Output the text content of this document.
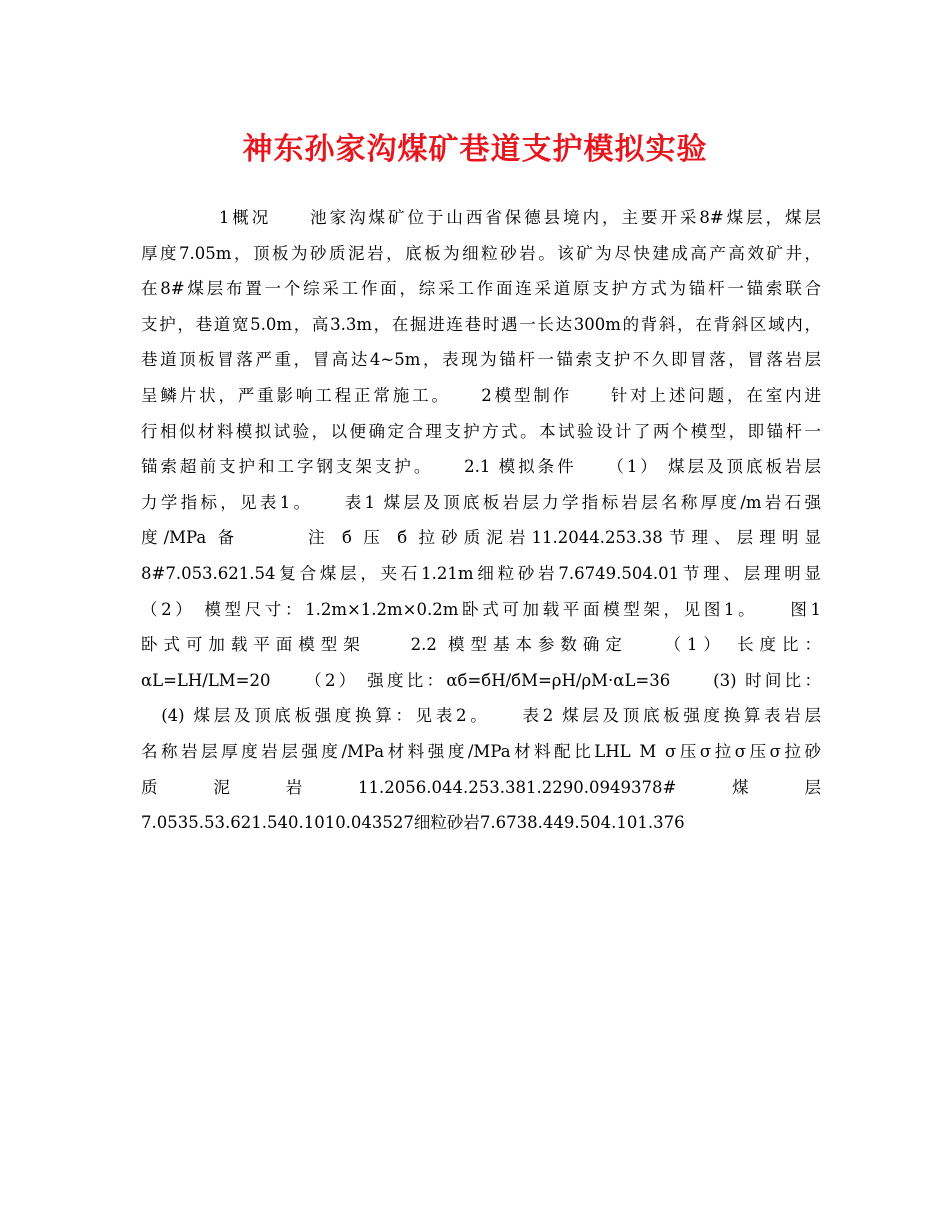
神东孙家沟煤矿巷道支护模拟实验
　　　　1概况　　池家沟煤矿位于山西省保德县境内，主要开采8#煤层，煤层
厚度7.05m，顶板为砂质泥岩，底板为细粒砂岩。该矿为尽快建成高产高效矿井，
在8#煤层布置一个综采工作面，综采工作面连采道原支护方式为锚杆一锚索联合
支护，巷道宽5.0m，高3.3m，在掘进连巷时遇一长达300m的背斜，在背斜区域内，
巷道顶板冒落严重，冒高达4~5m，表现为锚杆一锚索支护不久即冒落，冒落岩层
呈鳞片状，严重影响工程正常施工。　　2模型制作　　针对上述问题，在室内进
行相似材料模拟试验，以便确定合理支护方式。本试验设计了两个模型，即锚杆一
锚索超前支护和工字钢支架支护。　　2.1 模拟条件　　（1） 煤层及顶底板岩层
力学指标，见表1。　　表1 煤层及顶底板岩层力学指标岩层名称厚度/m岩石强
度/MPa 备　　　注 б 压 б 拉砂质泥岩11.2044.253.38节理、层理明显
8#7.053.621.54复合煤层，夹石1.21m细粒砂岩7.6749.504.01节理、层理明显
（2） 模型尺寸：1.2m×1.2m×0.2m卧式可加载平面模型架，见图1。　　图1
卧式可加载平面模型架　　2.2 模型基本参数确定　　（1） 长度比：
αL=LH/LM=20　　（2） 强度比：αб=бH/бM=ρH/ρM·αL=36　　(3) 时间比：
　(4) 煤层及顶底板强度换算：见表2。　　表2 煤层及顶底板强度换算表岩层
名称岩层厚度岩层强度/MPa材料强度/MPa材料配比LHL M σ压σ拉σ压σ拉砂
质　　泥　　岩　　11.2056.044.253.381.2290.0949378#　　煤　　层
7.0535.53.621.540.1010.043527细粒砂岩7.6738.449.504.101.376
